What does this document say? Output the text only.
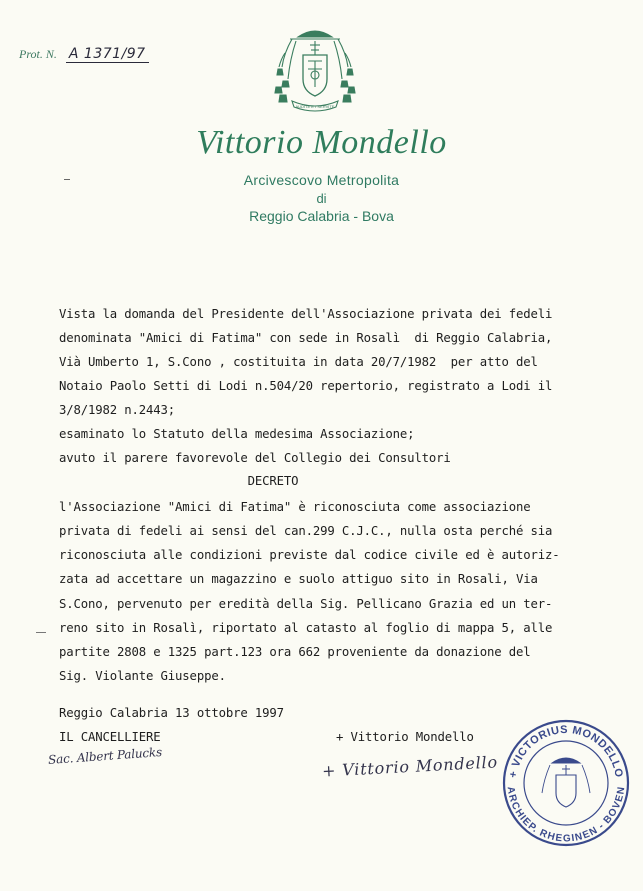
Prot. N. A 1371/97
AUDITE ET SERVITE
Vittorio Mondello
Arcivescovo Metropolita
di
Reggio Calabria - Bova
Vista la domanda del Presidente dell'Associazione privata dei fedeli
denominata "Amici di Fatima" con sede in Rosalì  di Reggio Calabria,
Vià Umberto 1, S.Cono , costituita in data 20/7/1982  per atto del
Notaio Paolo Setti di Lodi n.504/20 repertorio, registrato a Lodi il
3/8/1982 n.2443;
esaminato lo Statuto della medesima Associazione;
avuto il parere favorevole del Collegio dei Consultori
DECRETO
l'Associazione "Amici di Fatima" è riconosciuta come associazione
privata di fedeli ai sensi del can.299 C.J.C., nulla osta perché sia
riconosciuta alle condizioni previste dal codice civile ed è autoriz-
zata ad accettare un magazzino e suolo attiguo sito in Rosali, Via
S.Cono, pervenuto per eredità della Sig. Pellicano Grazia ed un ter-
reno sito in Rosalì, riportato al catasto al foglio di mappa 5, alle
partite 2808 e 1325 part.123 ora 662 proveniente da donazione del
Sig. Violante Giuseppe.
Reggio Calabria 13 ottobre 1997
IL CANCELLIERE	+ Vittorio Mondello
Sac. Albert Palucks	+ Vittorio Mondello + VICTORIUS MONDELLO
ARCHIEP. RHEGINEN - BOVEN
